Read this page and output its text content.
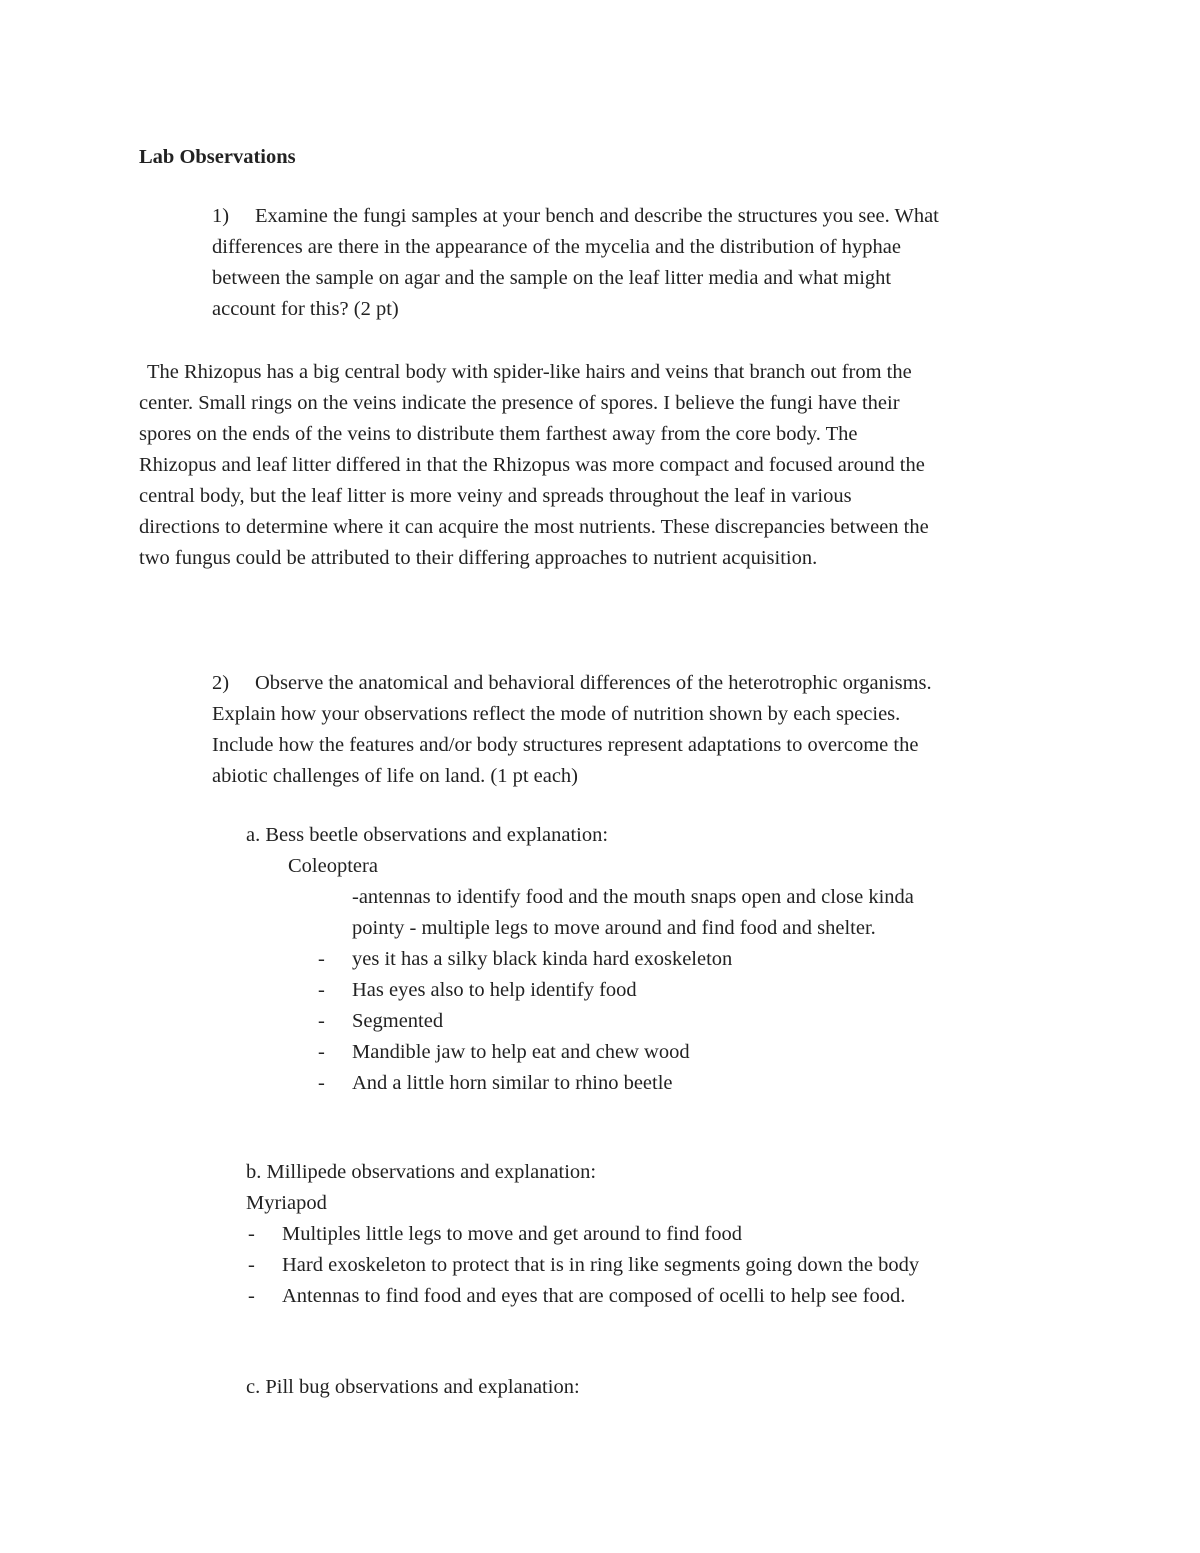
Lab Observations
1) Examine the fungi samples at your bench and describe the structures you see. What
differences are there in the appearance of the mycelia and the distribution of hyphae
between the sample on agar and the sample on the leaf litter media and what might
account for this? (2 pt)
The Rhizopus has a big central body with spider-like hairs and veins that branch out from the
center. Small rings on the veins indicate the presence of spores. I believe the fungi have their
spores on the ends of the veins to distribute them farthest away from the core body. The
Rhizopus and leaf litter differed in that the Rhizopus was more compact and focused around the
central body, but the leaf litter is more veiny and spreads throughout the leaf in various
directions to determine where it can acquire the most nutrients. These discrepancies between the
two fungus could be attributed to their differing approaches to nutrient acquisition.
2) Observe the anatomical and behavioral differences of the heterotrophic organisms.
Explain how your observations reflect the mode of nutrition shown by each species.
Include how the features and/or body structures represent adaptations to overcome the
abiotic challenges of life on land. (1 pt each)
a. Bess beetle observations and explanation:
Coleoptera
-antennas to identify food and the mouth snaps open and close kinda
pointy - multiple legs to move around and find food and shelter.
- yes it has a silky black kinda hard exoskeleton
- Has eyes also to help identify food
- Segmented
- Mandible jaw to help eat and chew wood
- And a little horn similar to rhino beetle
b. Millipede observations and explanation:
Myriapod
- Multiples little legs to move and get around to find food
- Hard exoskeleton to protect that is in ring like segments going down the body
- Antennas to find food and eyes that are composed of ocelli to help see food.
c. Pill bug observations and explanation:
